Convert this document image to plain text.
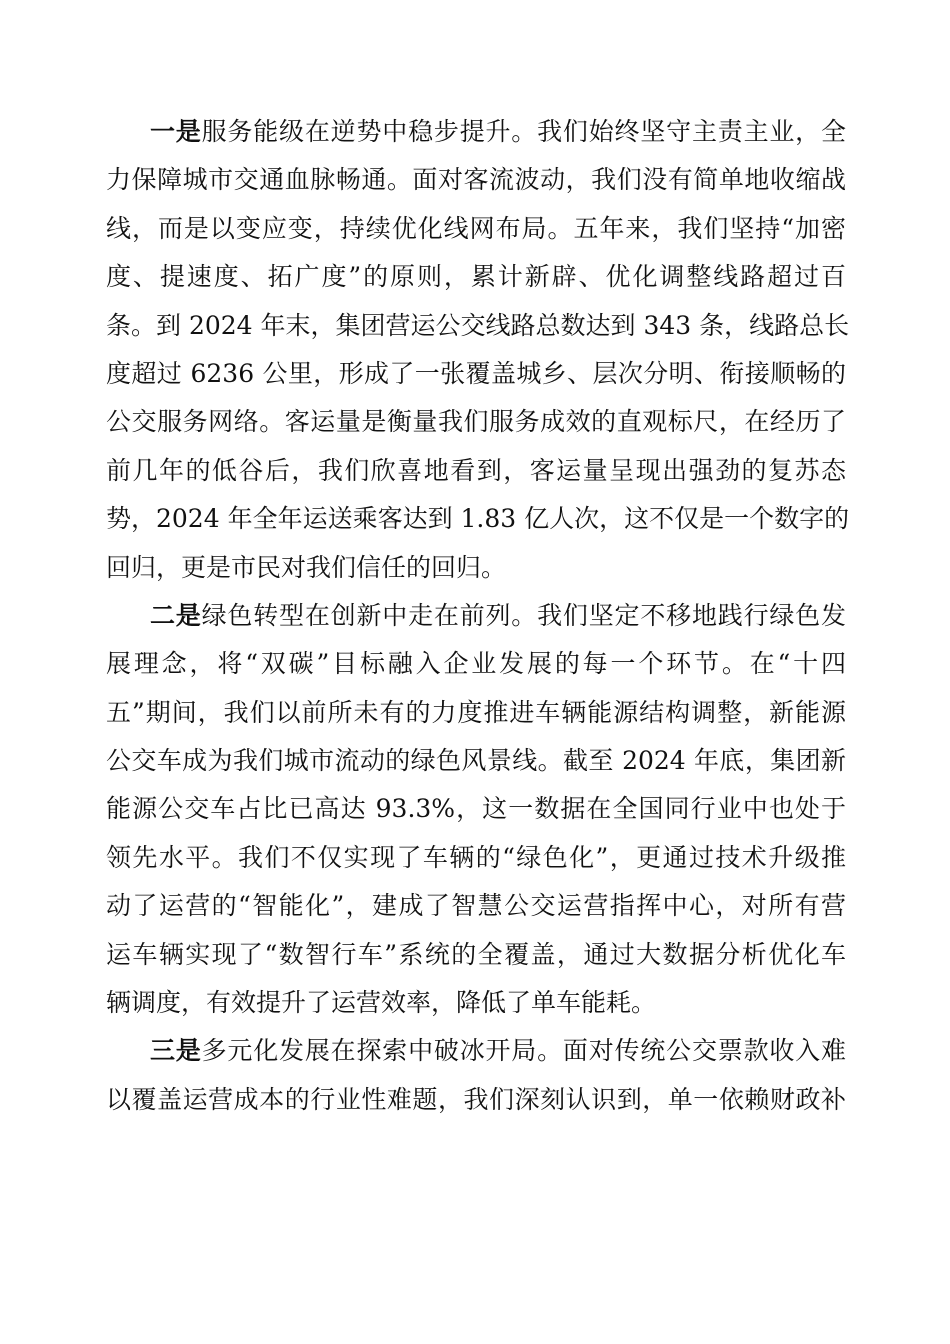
一是服务能级在逆势中稳步提升。我们始终坚守主责主业，全
力保障城市交通血脉畅通。面对客流波动，我们没有简单地收缩战
线，而是以变应变，持续优化线网布局。五年来，我们坚持“加密
度、提速度、拓广度”的原则，累计新辟、优化调整线路超过百
条。到 2024 年末，集团营运公交线路总数达到 343 条，线路总长
度超过 6236 公里，形成了一张覆盖城乡、层次分明、衔接顺畅的
公交服务网络。客运量是衡量我们服务成效的直观标尺，在经历了
前几年的低谷后，我们欣喜地看到，客运量呈现出强劲的复苏态
势，2024 年全年运送乘客达到 1.83 亿人次，这不仅是一个数字的
回归，更是市民对我们信任的回归。
二是绿色转型在创新中走在前列。我们坚定不移地践行绿色发
展理念，将“双碳”目标融入企业发展的每一个环节。在“十四
五”期间，我们以前所未有的力度推进车辆能源结构调整，新能源
公交车成为我们城市流动的绿色风景线。截至 2024 年底，集团新
能源公交车占比已高达 93.3%，这一数据在全国同行业中也处于
领先水平。我们不仅实现了车辆的“绿色化”，更通过技术升级推
动了运营的“智能化”，建成了智慧公交运营指挥中心，对所有营
运车辆实现了“数智行车”系统的全覆盖，通过大数据分析优化车
辆调度，有效提升了运营效率，降低了单车能耗。
三是多元化发展在探索中破冰开局。面对传统公交票款收入难
以覆盖运营成本的行业性难题，我们深刻认识到，单一依赖财政补
